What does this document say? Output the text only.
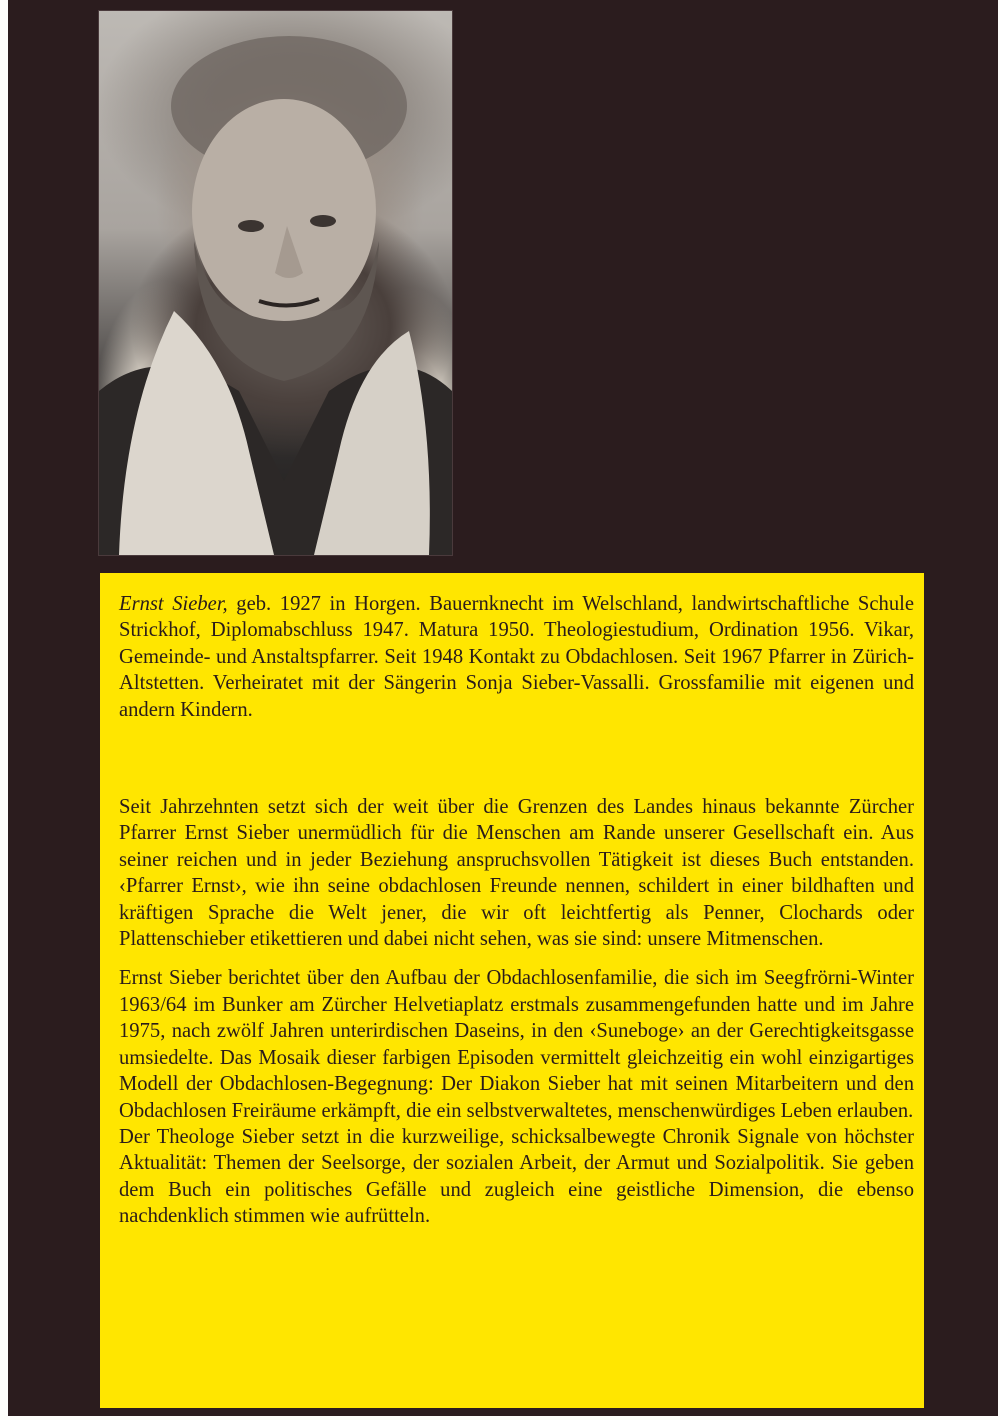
Ernst Sieber, geb. 1927 in Horgen. Bauernknecht im Welschland, landwirtschaftliche Schule Strickhof, Diplomabschluss 1947. Matura 1950. Theologiestudium, Ordination 1956. Vikar, Gemeinde- und Anstaltspfarrer. Seit 1948 Kontakt zu Obdachlosen. Seit 1967 Pfarrer in Zürich-Altstetten. Verheiratet mit der Sängerin Sonja Sieber-Vassalli. Grossfamilie mit eigenen und andern Kindern.

Seit Jahrzehnten setzt sich der weit über die Grenzen des Landes hinaus bekannte Zürcher Pfarrer Ernst Sieber unermüdlich für die Menschen am Rande unserer Gesellschaft ein. Aus seiner reichen und in jeder Beziehung anspruchsvollen Tätigkeit ist dieses Buch entstanden. ‹Pfarrer Ernst›, wie ihn seine obdachlosen Freunde nennen, schildert in einer bildhaften und kräftigen Sprache die Welt jener, die wir oft leichtfertig als Penner, Clochards oder Plattenschieber etikettieren und dabei nicht sehen, was sie sind: unsere Mitmenschen.

Ernst Sieber berichtet über den Aufbau der Obdachlosenfamilie, die sich im Seegfrörni-Winter 1963/64 im Bunker am Zürcher Helvetiaplatz erstmals zusammengefunden hatte und im Jahre 1975, nach zwölf Jahren unterirdischen Daseins, in den ‹Suneboge› an der Gerechtigkeitsgasse umsiedelte. Das Mosaik dieser farbigen Episoden vermittelt gleichzeitig ein wohl einzigartiges Modell der Obdachlosen-Begegnung: Der Diakon Sieber hat mit seinen Mitarbeitern und den Obdachlosen Freiräume erkämpft, die ein selbstverwaltetes, menschenwürdiges Leben erlauben.

Der Theologe Sieber setzt in die kurzweilige, schicksalbewegte Chronik Signale von höchster Aktualität: Themen der Seelsorge, der sozialen Arbeit, der Armut und Sozialpolitik. Sie geben dem Buch ein politisches Gefälle und zugleich eine geistliche Dimension, die ebenso nachdenklich stimmen wie aufrütteln.
